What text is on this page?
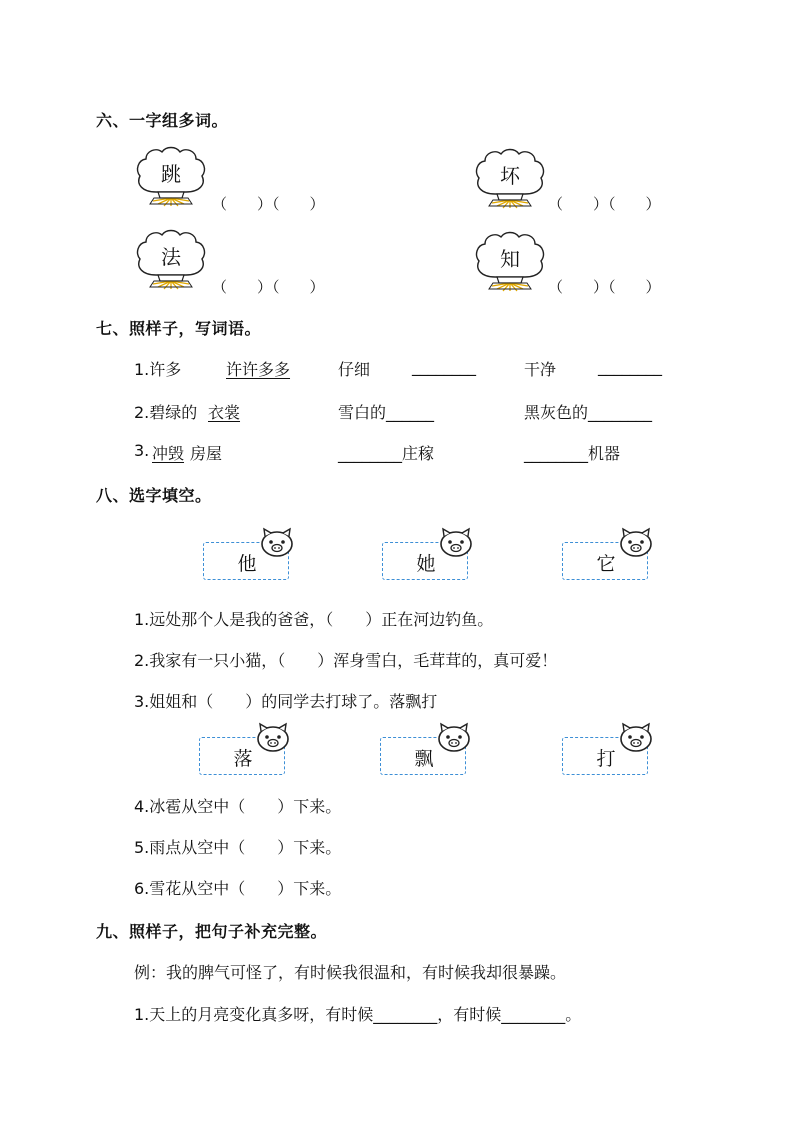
六、一字组多词。
跳
（　　）（　　）
坏
（　　）（　　）
法
（　　）（　　）
知
（　　）（　　）
七、照样子，写词语。
1.许多	许许多多	仔细	________	干净	________
2.碧绿的 衣裳	雪白的______	黑灰色的________
3. 冲毁 房屋	________庄稼	________机器
八、选字填空。
他	她	它
1.远处那个人是我的爸爸，（　　）正在河边钓鱼。
2.我家有一只小猫，（　　）浑身雪白，毛茸茸的，真可爱！
3.姐姐和（　　）的同学去打球了。落飘打
落	飘	打
4.冰雹从空中（　　）下来。
5.雨点从空中（　　）下来。
6.雪花从空中（　　）下来。
九、照样子，把句子补充完整。
例：我的脾气可怪了，有时候我很温和，有时候我却很暴躁。
1.天上的月亮变化真多呀，有时候________，有时候________。
